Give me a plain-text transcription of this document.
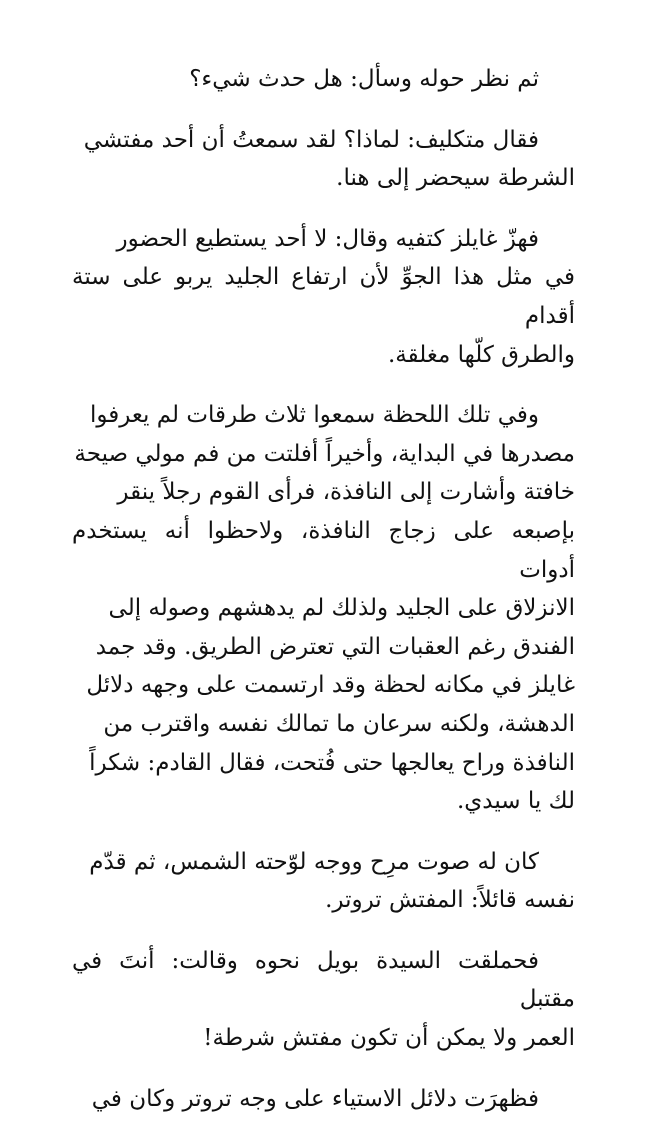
ثم نظر حوله وسأل: هل حدث شيء؟

فقال متكليف: لماذا؟ لقد سمعتُ أن أحد مفتشي
الشرطة سيحضر إلى هنا.

فهزّ غايلز كتفيه وقال: لا أحد يستطيع الحضور
في مثل هذا الجوِّ لأن ارتفاع الجليد يربو على ستة أقدام
والطرق كلّها مغلقة.

وفي تلك اللحظة سمعوا ثلاث طرقات لم يعرفوا
مصدرها في البداية، وأخيراً أفلتت من فم مولي صيحة
خافتة وأشارت إلى النافذة، فرأى القوم رجلاً ينقر
بإصبعه على زجاج النافذة، ولاحظوا أنه يستخدم أدوات
الانزلاق على الجليد ولذلك لم يدهشهم وصوله إلى
الفندق رغم العقبات التي تعترض الطريق. وقد جمد
غايلز في مكانه لحظة وقد ارتسمت على وجهه دلائل
الدهشة، ولكنه سرعان ما تمالك نفسه واقترب من
النافذة وراح يعالجها حتى فُتحت، فقال القادم: شكراً
لك يا سيدي.

كان له صوت مرِح ووجه لوّحته الشمس، ثم قدّم
نفسه قائلاً: المفتش تروتر.

فحملقت السيدة بويل نحوه وقالت: أنتَ في مقتبل
العمر ولا يمكن أن تكون مفتش شرطة!

فظهرَت دلائل الاستياء على وجه تروتر وكان في
